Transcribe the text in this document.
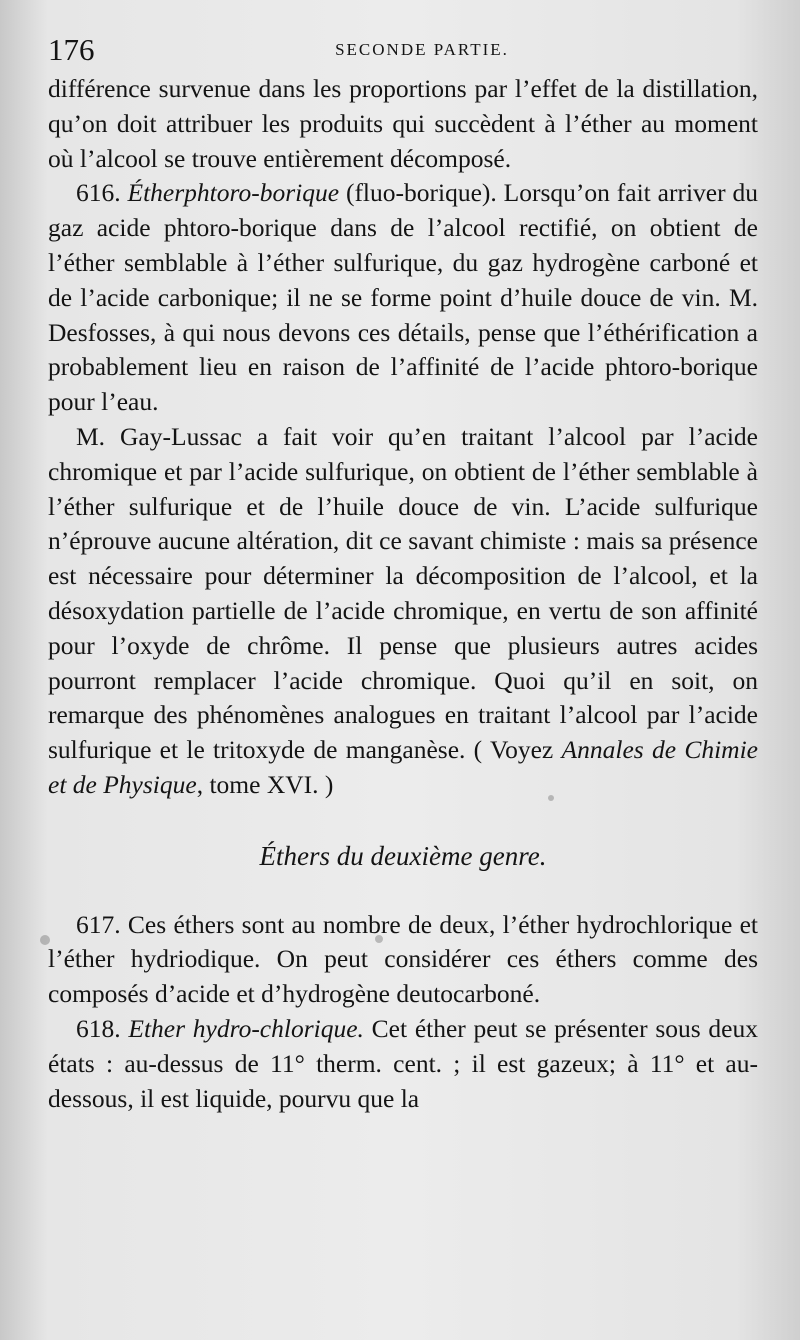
176	SECONDE PARTIE.

différence survenue dans les proportions par l’effet de la distillation, qu’on doit attribuer les produits qui succèdent à l’éther au moment où l’alcool se trouve entièrement décomposé.

616. Étherphtoro-borique (fluo-borique). Lorsqu’on fait arriver du gaz acide phtoro-borique dans de l’alcool rectifié, on obtient de l’éther semblable à l’éther sulfurique, du gaz hydrogène carboné et de l’acide carbonique; il ne se forme point d’huile douce de vin. M. Desfosses, à qui nous devons ces détails, pense que l’éthérification a probablement lieu en raison de l’affinité de l’acide phtoro-borique pour l’eau.

M. Gay-Lussac a fait voir qu’en traitant l’alcool par l’acide chromique et par l’acide sulfurique, on obtient de l’éther semblable à l’éther sulfurique et de l’huile douce de vin. L’acide sulfurique n’éprouve aucune altération, dit ce savant chimiste : mais sa présence est nécessaire pour déterminer la décomposition de l’alcool, et la désoxydation partielle de l’acide chromique, en vertu de son affinité pour l’oxyde de chrôme. Il pense que plusieurs autres acides pourront remplacer l’acide chromique. Quoi qu’il en soit, on remarque des phénomènes analogues en traitant l’alcool par l’acide sulfurique et le tritoxyde de manganèse. ( Voyez Annales de Chimie et de Physique, tome XVI. )

Éthers du deuxième genre.

617. Ces éthers sont au nombre de deux, l’éther hydrochlorique et l’éther hydriodique. On peut considérer ces éthers comme des composés d’acide et d’hydrogène deutocarboné.

618. Ether hydro-chlorique. Cet éther peut se présenter sous deux états : au-dessus de 11° therm. cent. ; il est gazeux; à 11° et au-dessous, il est liquide, pourvu que la
